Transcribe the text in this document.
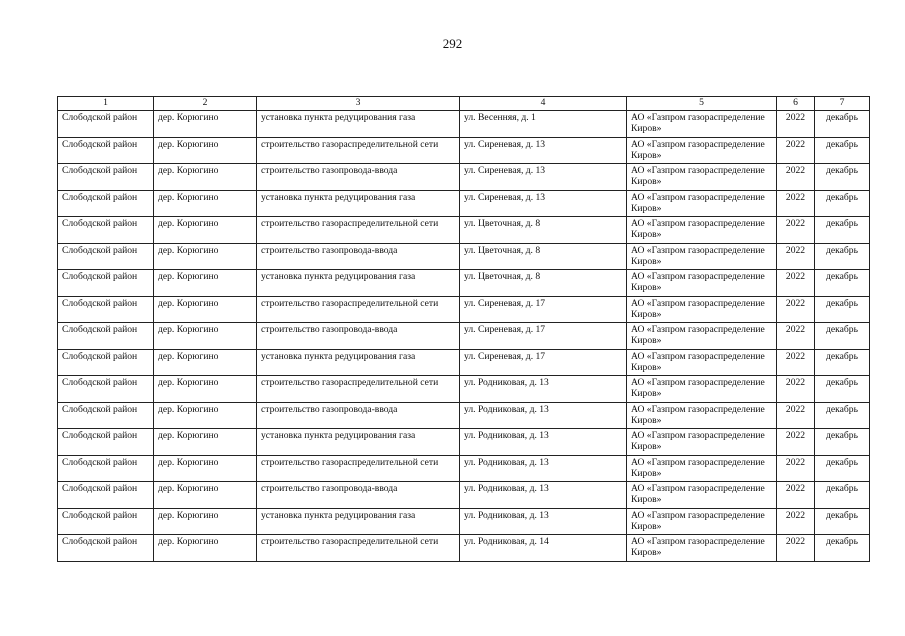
292
1	2	3	4	5	6	7
Слободской район	дер. Корюгино	установка пункта редуцирования газа	ул. Весенняя, д. 1	АО «Газпром газораспределение Киров»	2022	декабрь
Слободской район	дер. Корюгино	строительство газораспределительной сети	ул. Сиреневая, д. 13	АО «Газпром газораспределение Киров»	2022	декабрь
Слободской район	дер. Корюгино	строительство газопровода-ввода	ул. Сиреневая, д. 13	АО «Газпром газораспределение Киров»	2022	декабрь
Слободской район	дер. Корюгино	установка пункта редуцирования газа	ул. Сиреневая, д. 13	АО «Газпром газораспределение Киров»	2022	декабрь
Слободской район	дер. Корюгино	строительство газораспределительной сети	ул. Цветочная, д. 8	АО «Газпром газораспределение Киров»	2022	декабрь
Слободской район	дер. Корюгино	строительство газопровода-ввода	ул. Цветочная, д. 8	АО «Газпром газораспределение Киров»	2022	декабрь
Слободской район	дер. Корюгино	установка пункта редуцирования газа	ул. Цветочная, д. 8	АО «Газпром газораспределение Киров»	2022	декабрь
Слободской район	дер. Корюгино	строительство газораспределительной сети	ул. Сиреневая, д. 17	АО «Газпром газораспределение Киров»	2022	декабрь
Слободской район	дер. Корюгино	строительство газопровода-ввода	ул. Сиреневая, д. 17	АО «Газпром газораспределение Киров»	2022	декабрь
Слободской район	дер. Корюгино	установка пункта редуцирования газа	ул. Сиреневая, д. 17	АО «Газпром газораспределение Киров»	2022	декабрь
Слободской район	дер. Корюгино	строительство газораспределительной сети	ул. Родниковая, д. 13	АО «Газпром газораспределение Киров»	2022	декабрь
Слободской район	дер. Корюгино	строительство газопровода-ввода	ул. Родниковая, д. 13	АО «Газпром газораспределение Киров»	2022	декабрь
Слободской район	дер. Корюгино	установка пункта редуцирования газа	ул. Родниковая, д. 13	АО «Газпром газораспределение Киров»	2022	декабрь
Слободской район	дер. Корюгино	строительство газораспределительной сети	ул. Родниковая, д. 13	АО «Газпром газораспределение Киров»	2022	декабрь
Слободской район	дер. Корюгино	строительство газопровода-ввода	ул. Родниковая, д. 13	АО «Газпром газораспределение Киров»	2022	декабрь
Слободской район	дер. Корюгино	установка пункта редуцирования газа	ул. Родниковая, д. 13	АО «Газпром газораспределение Киров»	2022	декабрь
Слободской район	дер. Корюгино	строительство газораспределительной сети	ул. Родниковая, д. 14	АО «Газпром газораспределение Киров»	2022	декабрь
